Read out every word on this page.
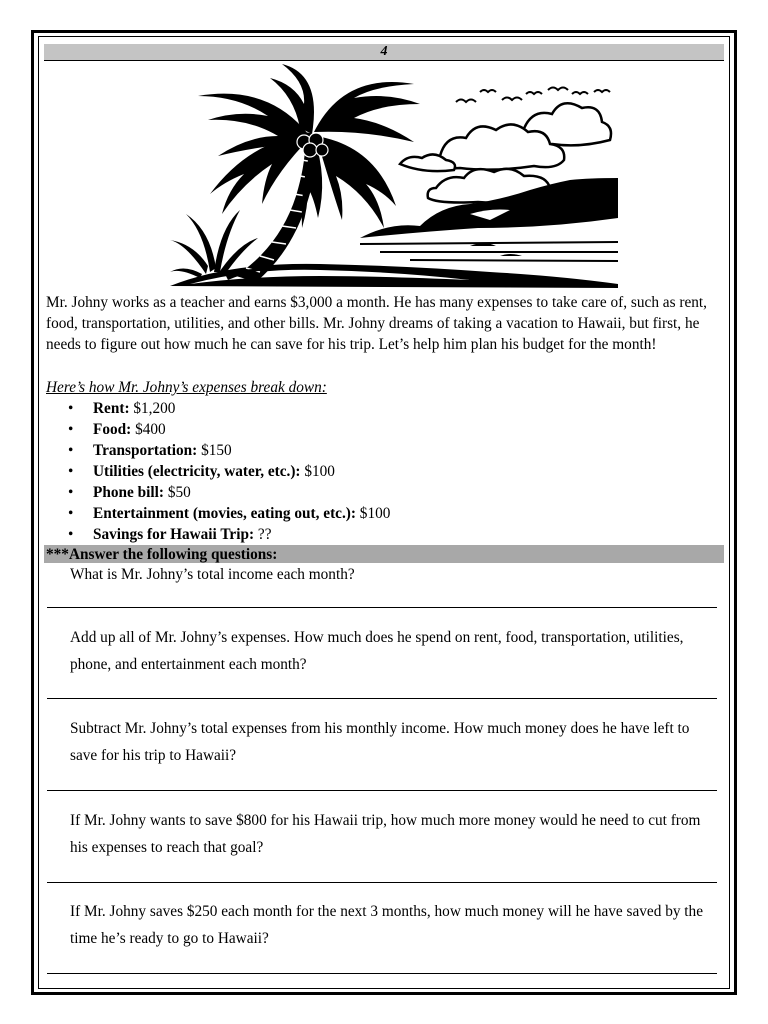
4

Mr. Johny works as a teacher and earns $3,000 a month. He has many expenses to take care of, such as rent, food, transportation, utilities, and other bills. Mr. Johny dreams of taking a vacation to Hawaii, but first, he needs to figure out how much he can save for his trip. Let’s help him plan his budget for the month!

Here’s how Mr. Johny’s expenses break down:

• Rent: $1,200
• Food: $400
• Transportation: $150
• Utilities (electricity, water, etc.): $100
• Phone bill: $50
• Entertainment (movies, eating out, etc.): $100
• Savings for Hawaii Trip: ??
***Answer the following questions:

What is Mr. Johny’s total income each month?

Add up all of Mr. Johny’s expenses. How much does he spend on rent, food, transportation, utilities, phone, and entertainment each month?

Subtract Mr. Johny’s total expenses from his monthly income. How much money does he have left to save for his trip to Hawaii?

If Mr. Johny wants to save $800 for his Hawaii trip, how much more money would he need to cut from his expenses to reach that goal?

If Mr. Johny saves $250 each month for the next 3 months, how much money will he have saved by the time he’s ready to go to Hawaii?
